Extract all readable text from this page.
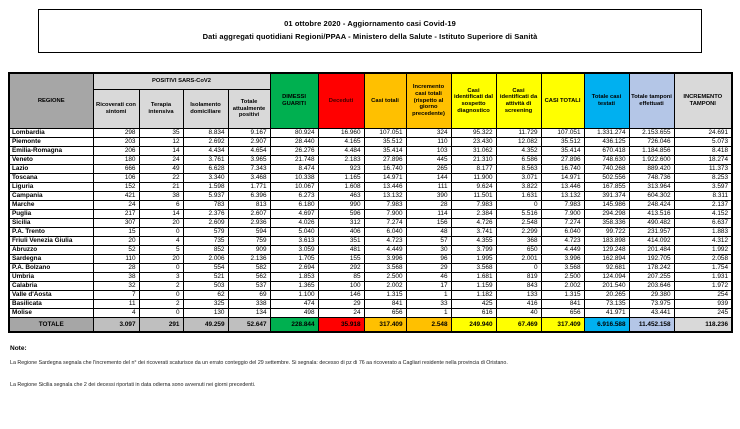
01 ottobre 2020 - Aggiornamento casi Covid-19
Dati aggregati quotidiani Regioni/PPAA - Ministero della Salute - Istituto Superiore di Sanità
REGIONE	POSITIVI SARS-CoV2				DIMESSI GUARITI	Deceduti	Casi totali	Incremento casi totali (rispetto al giorno precedente)	Casi identificati dal sospetto diagnostico	Casi identificati da attività di screening	CASI TOTALI	Totale casi testati	Totale tamponi effettuati	INCREMENTO TAMPONI
	Ricoverati con sintomi	Terapia intensiva	Isolamento domiciliare	Totale attualmente positivi										
Lombardia	298	35	8.834	9.167	80.924	16.960	107.051	324	95.322	11.729	107.051	1.331.274	2.153.655	24.691
Piemonte	203	12	2.692	2.907	28.440	4.165	35.512	110	23.430	12.082	35.512	436.125	726.046	5.073
Emilia-Romagna	206	14	4.434	4.654	26.276	4.484	35.414	103	31.062	4.352	35.414	670.418	1.184.856	8.418
Veneto	180	24	3.761	3.965	21.748	2.183	27.896	445	21.310	6.586	27.896	748.630	1.922.600	18.274
Lazio	666	49	6.628	7.343	8.474	923	16.740	265	8.177	8.563	16.740	740.268	889.420	11.373
Toscana	106	22	3.340	3.468	10.338	1.165	14.971	144	11.900	3.071	14.971	502.556	748.736	8.253
Liguria	152	21	1.598	1.771	10.067	1.608	13.446	111	9.624	3.822	13.446	167.855	313.964	3.597
Campania	421	38	5.937	6.396	6.273	463	13.132	390	11.501	1.631	13.132	391.374	604.302	8.311
Marche	24	6	783	813	6.180	990	7.983	28	7.983	0	7.983	145.986	248.424	2.137
Puglia	217	14	2.376	2.607	4.697	596	7.900	114	2.384	5.516	7.900	294.298	413.516	4.152
Sicilia	307	20	2.609	2.936	4.026	312	7.274	156	4.726	2.548	7.274	358.336	490.482	6.637
P.A. Trento	15	0	579	594	5.040	406	6.040	48	3.741	2.299	6.040	99.722	231.957	1.883
Friuli Venezia Giulia	20	4	735	759	3.613	351	4.723	57	4.355	368	4.723	183.898	414.092	4.312
Abruzzo	52	5	852	909	3.059	481	4.449	30	3.799	650	4.449	129.248	201.484	1.992
Sardegna	110	20	2.006	2.136	1.705	155	3.996	96	1.995	2.001	3.996	162.894	192.705	2.058
P.A. Bolzano	28	0	554	582	2.694	292	3.568	29	3.568	0	3.568	92.681	178.242	1.754
Umbria	38	3	521	562	1.853	85	2.500	46	1.681	819	2.500	124.094	207.255	1.931
Calabria	32	2	503	537	1.365	100	2.002	17	1.159	843	2.002	201.540	203.646	1.972
Valle d'Aosta	7	0	62	69	1.100	146	1.315	1	1.182	133	1.315	20.265	29.380	254
Basilicata	11	2	325	338	474	29	841	33	425	416	841	73.135	73.975	939
Molise	4	0	130	134	498	24	656	1	616	40	656	41.971	43.441	245
TOTALE	3.097	291	49.259	52.647	228.844	35.918	317.409	2.548	249.940	67.469	317.409	6.916.588	11.452.158	118.236
Note:
La Regione Sardegna segnala che l'incremento del n° dei ricoverati scaturisce da un errato conteggio del 29 settembre. Si segnala: decesso di pz di 76 aa ricoverato a Cagliari residente nella provincia di Oristano.
La Regione Sicilia segnala che 2 dei decessi riportati in data odierna sono avvenuti nei giorni precedenti.
